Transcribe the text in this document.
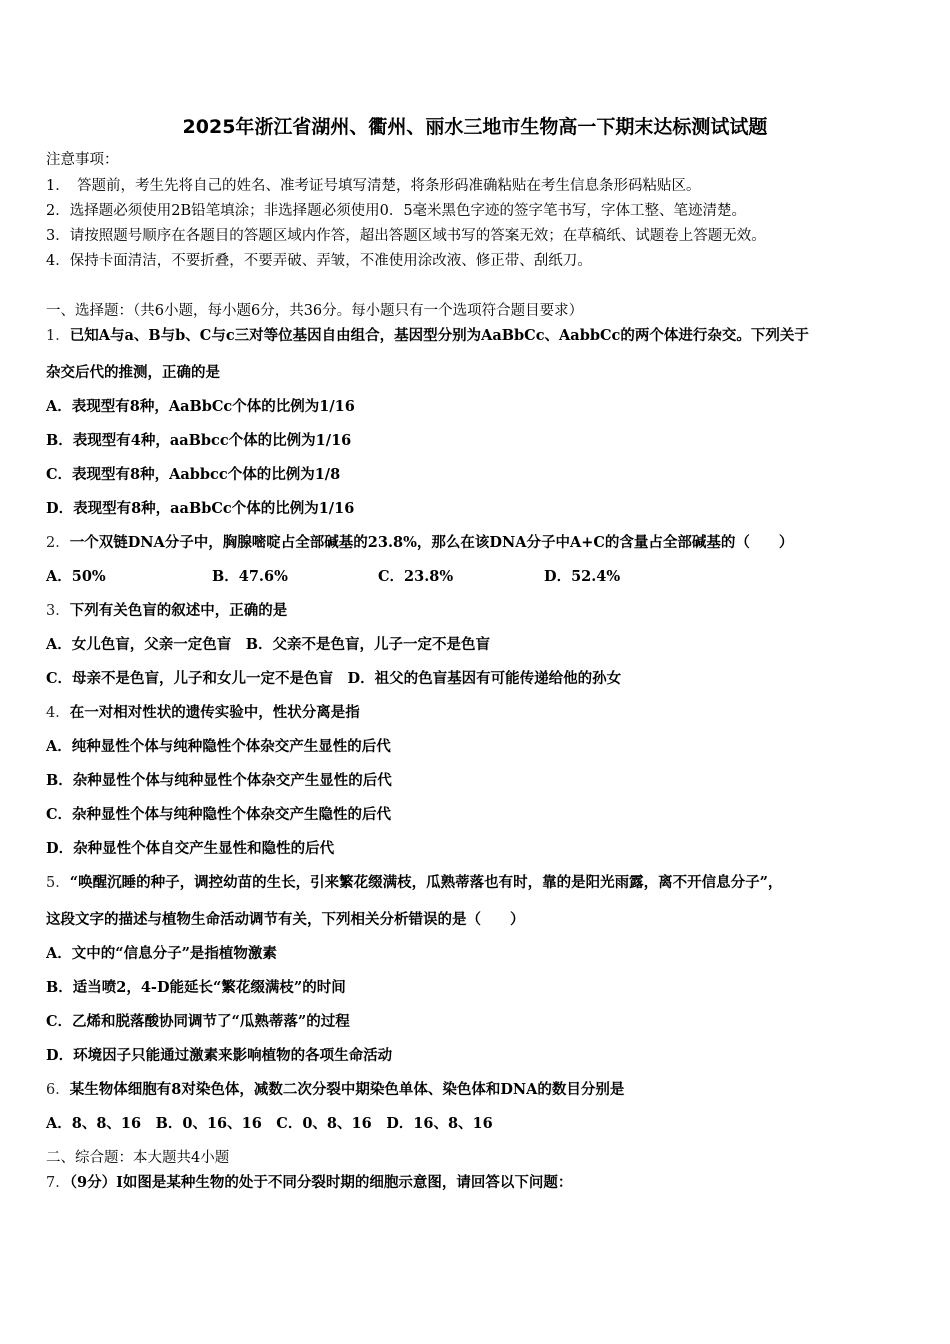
2025年浙江省湖州、衢州、丽水三地市生物高一下期末达标测试试题
注意事项：
1．　答题前，考生先将自己的姓名、准考证号填写清楚，将条形码准确粘贴在考生信息条形码粘贴区。
2．选择题必须使用2B铅笔填涂；非选择题必须使用0．5毫米黑色字迹的签字笔书写，字体工整、笔迹清楚。
3．请按照题号顺序在各题目的答题区域内作答，超出答题区域书写的答案无效；在草稿纸、试题卷上答题无效。
4．保持卡面清洁，不要折叠，不要弄破、弄皱，不准使用涂改液、修正带、刮纸刀。
一、选择题：（共6小题，每小题6分，共36分。每小题只有一个选项符合题目要求）
1．已知A与a、B与b、C与c三对等位基因自由组合，基因型分别为AaBbCc、AabbCc的两个体进行杂交。下列关于
杂交后代的推测，正确的是
A．表现型有8种，AaBbCc个体的比例为1/16
B．表现型有4种，aaBbcc个体的比例为1/16
C．表现型有8种，Aabbcc个体的比例为1/8
D．表现型有8种，aaBbCc个体的比例为1/16
2．一个双链DNA分子中，胸腺嘧啶占全部碱基的23.8%，那么在该DNA分子中A+C的含量占全部碱基的（　　）
A．50%	B．47.6%	C．23.8%	D．52.4%
3．下列有关色盲的叙述中，正确的是
A．女儿色盲，父亲一定色盲　B．父亲不是色盲，儿子一定不是色盲
C．母亲不是色盲，儿子和女儿一定不是色盲　D．祖父的色盲基因有可能传递给他的孙女
4．在一对相对性状的遗传实验中，性状分离是指
A．纯种显性个体与纯种隐性个体杂交产生显性的后代
B．杂种显性个体与纯种显性个体杂交产生显性的后代
C．杂种显性个体与纯种隐性个体杂交产生隐性的后代
D．杂种显性个体自交产生显性和隐性的后代
5．“唤醒沉睡的种子，调控幼苗的生长，引来繁花缀满枝，瓜熟蒂落也有时，靠的是阳光雨露，离不开信息分子”，
这段文字的描述与植物生命活动调节有关，下列相关分析错误的是（　　）
A．文中的“信息分子”是指植物激素
B．适当喷2，4-D能延长“繁花缀满枝”的时间
C．乙烯和脱落酸协同调节了“瓜熟蒂落”的过程
D．环境因子只能通过激素来影响植物的各项生命活动
6．某生物体细胞有8对染色体，减数二次分裂中期染色单体、染色体和DNA的数目分别是
A．8、8、16　B．0、16、16　C．0、8、16　D．16、8、16
二、综合题：本大题共4小题
7．（9分）I如图是某种生物的处于不同分裂时期的细胞示意图，请回答以下问题：
